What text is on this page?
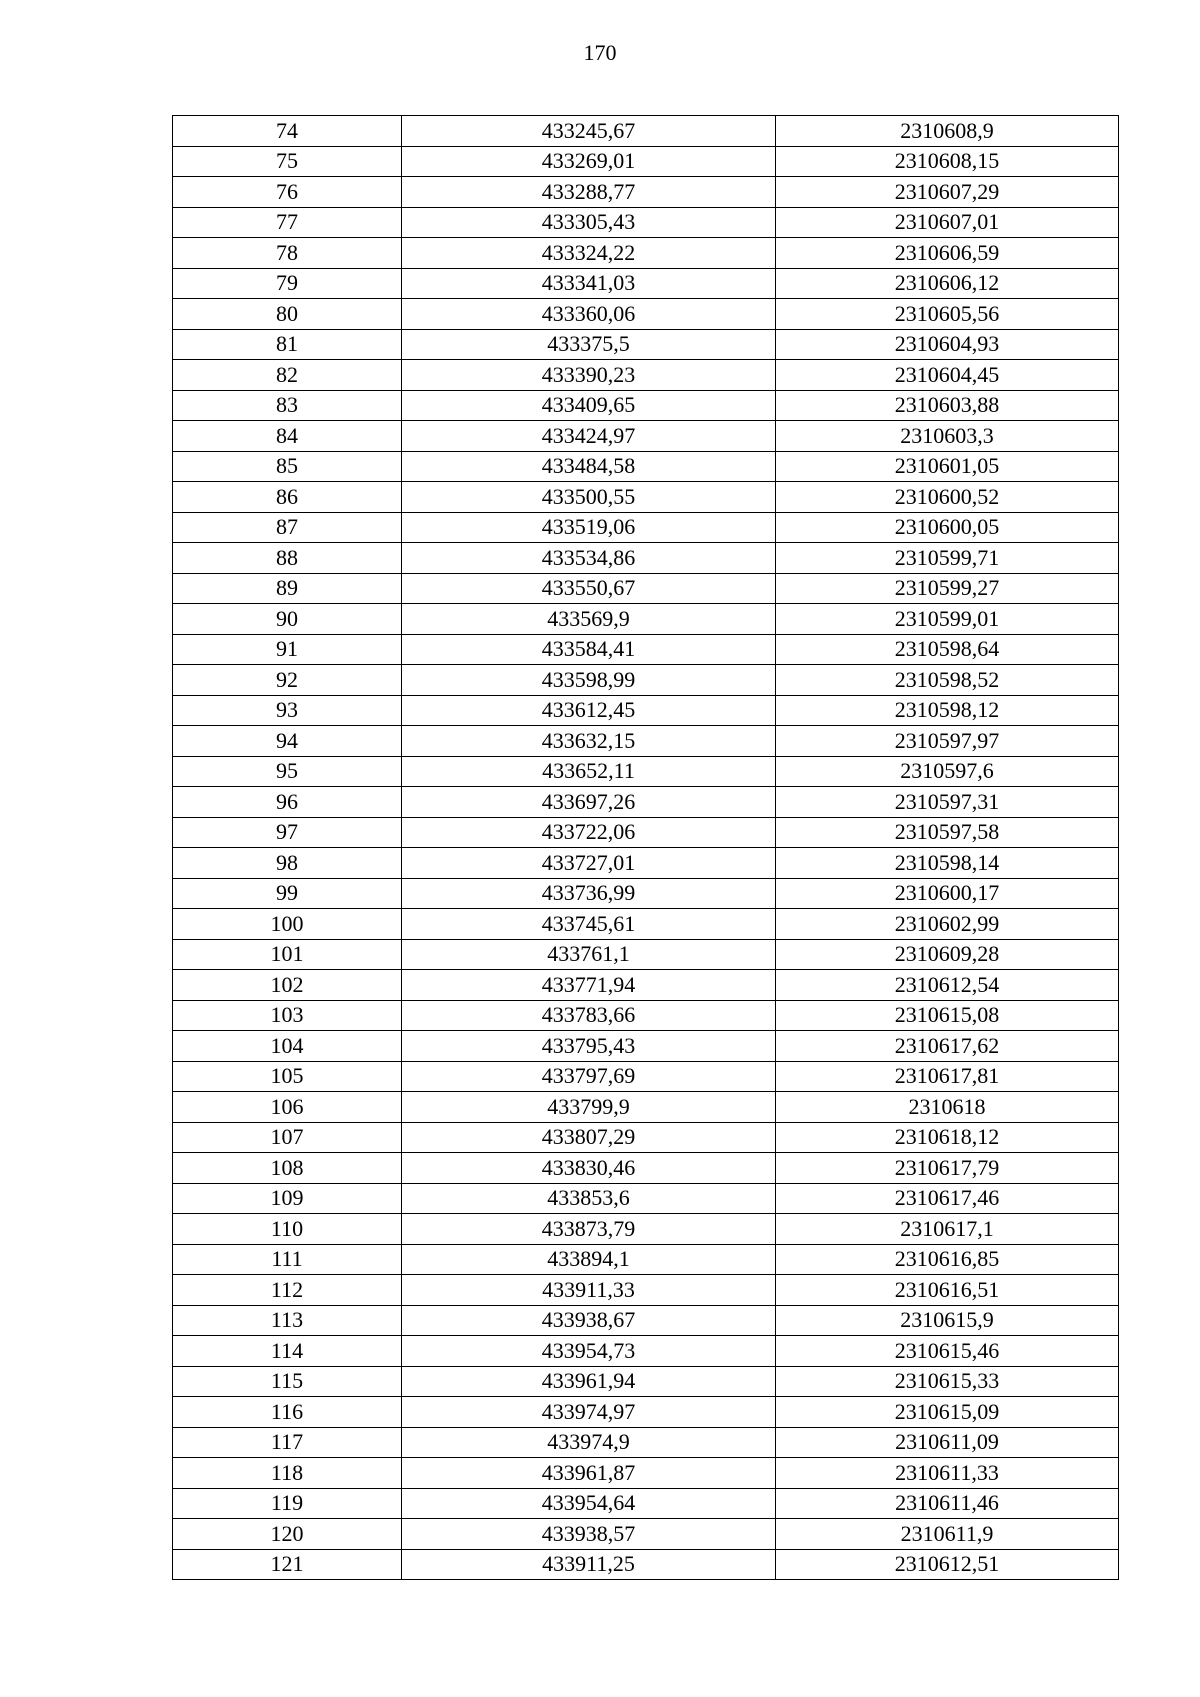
170
74	433245,67	2310608,9
75	433269,01	2310608,15
76	433288,77	2310607,29
77	433305,43	2310607,01
78	433324,22	2310606,59
79	433341,03	2310606,12
80	433360,06	2310605,56
81	433375,5	2310604,93
82	433390,23	2310604,45
83	433409,65	2310603,88
84	433424,97	2310603,3
85	433484,58	2310601,05
86	433500,55	2310600,52
87	433519,06	2310600,05
88	433534,86	2310599,71
89	433550,67	2310599,27
90	433569,9	2310599,01
91	433584,41	2310598,64
92	433598,99	2310598,52
93	433612,45	2310598,12
94	433632,15	2310597,97
95	433652,11	2310597,6
96	433697,26	2310597,31
97	433722,06	2310597,58
98	433727,01	2310598,14
99	433736,99	2310600,17
100	433745,61	2310602,99
101	433761,1	2310609,28
102	433771,94	2310612,54
103	433783,66	2310615,08
104	433795,43	2310617,62
105	433797,69	2310617,81
106	433799,9	2310618
107	433807,29	2310618,12
108	433830,46	2310617,79
109	433853,6	2310617,46
110	433873,79	2310617,1
111	433894,1	2310616,85
112	433911,33	2310616,51
113	433938,67	2310615,9
114	433954,73	2310615,46
115	433961,94	2310615,33
116	433974,97	2310615,09
117	433974,9	2310611,09
118	433961,87	2310611,33
119	433954,64	2310611,46
120	433938,57	2310611,9
121	433911,25	2310612,51
